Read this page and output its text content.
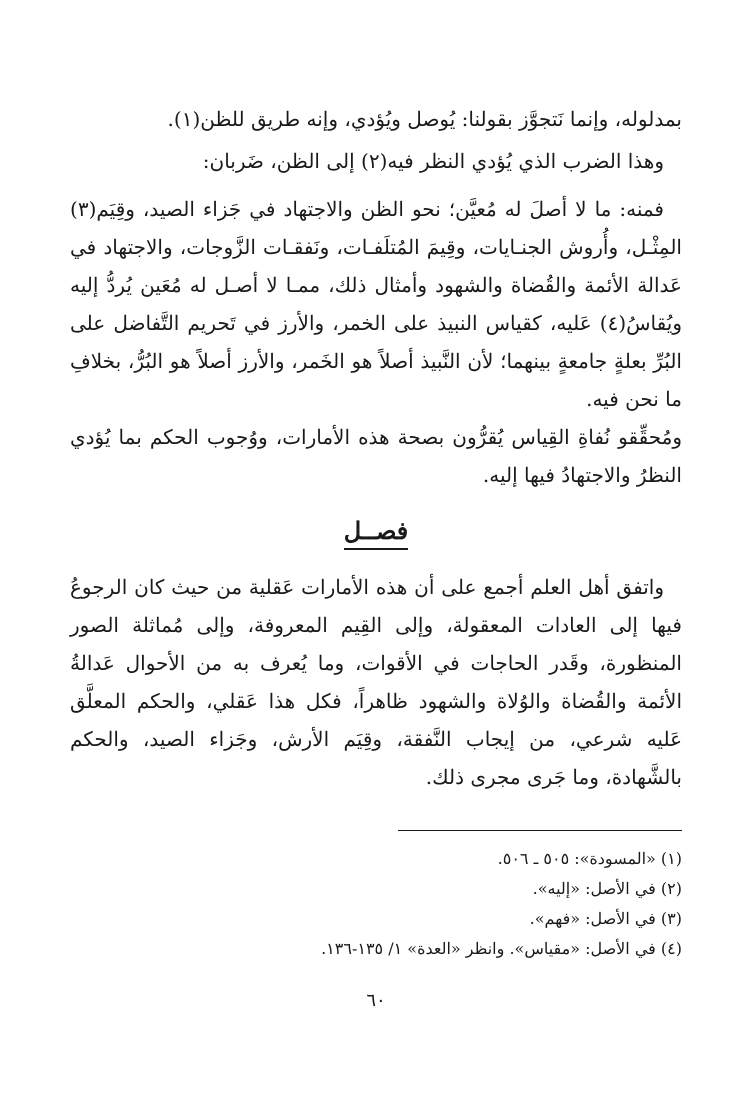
بمدلوله، وإنما نَتجوَّز بقولنا: يُوصل ويُؤدي، وإنه طريق للظن(١).

وهذا الضرب الذي يُؤدي النظر فيه(٢) إلى الظن، ضَربان:

فمنه: ما لا أصلَ له مُعيَّن؛ نحو الظن والاجتهاد في جَزاء الصيد، وقِيَم(٣) المِثْـل، وأُروش الجنـايات، وقِيمَ المُتلَفـات، ونَفقـات الزَّوجات، والاجتهاد في عَدالة الأئمة والقُضاة والشهود وأمثال ذلك، ممـا لا أصـل له مُعَين يُردُّ إليه ويُقاسُ(٤) عَليه، كقياس النبيذ على الخمر، والأرز في تَحريم التَّفاضل على البُرِّ بعلةٍ جامعةٍ بينهما؛ لأن النَّبيذ أصلاً هو الخَمر، والأرز أصلاً هو البُرُّ، بخلافِ ما نحن فيه.

ومُحقِّقو نُفاةِ القِياس يُقرُّون بصحة هذه الأمارات، ووُجوب الحكم بما يُؤدي النظرُ والاجتهادُ فيها إليه.

فصــل

واتفق أهل العلم أجمع على أن هذه الأمارات عَقلية من حيث كان الرجوعُ فيها إلى العادات المعقولة، وإلى القِيم المعروفة، وإلى مُماثلة الصور المنظورة، وقَدر الحاجات في الأقوات، وما يُعرف به من الأحوال عَدالةُ الأئمة والقُضاة والوُلاة والشهود ظاهراً، فكل هذا عَقلي، والحكم المعلَّق عَليه شرعي، من إيجاب النَّفقة، وقِيَم الأرش، وجَزاء الصيد، والحكم بالشَّهادة، وما جَرى مجرى ذلك.

(١) «المسودة»: ٥٠٥ ـ ٥٠٦.

(٢) في الأصل: «إليه».

(٣) في الأصل: «فهم».

(٤) في الأصل: «مقياس». وانظر «العدة» ١/ ١٣٥-١٣٦.

٦٠
